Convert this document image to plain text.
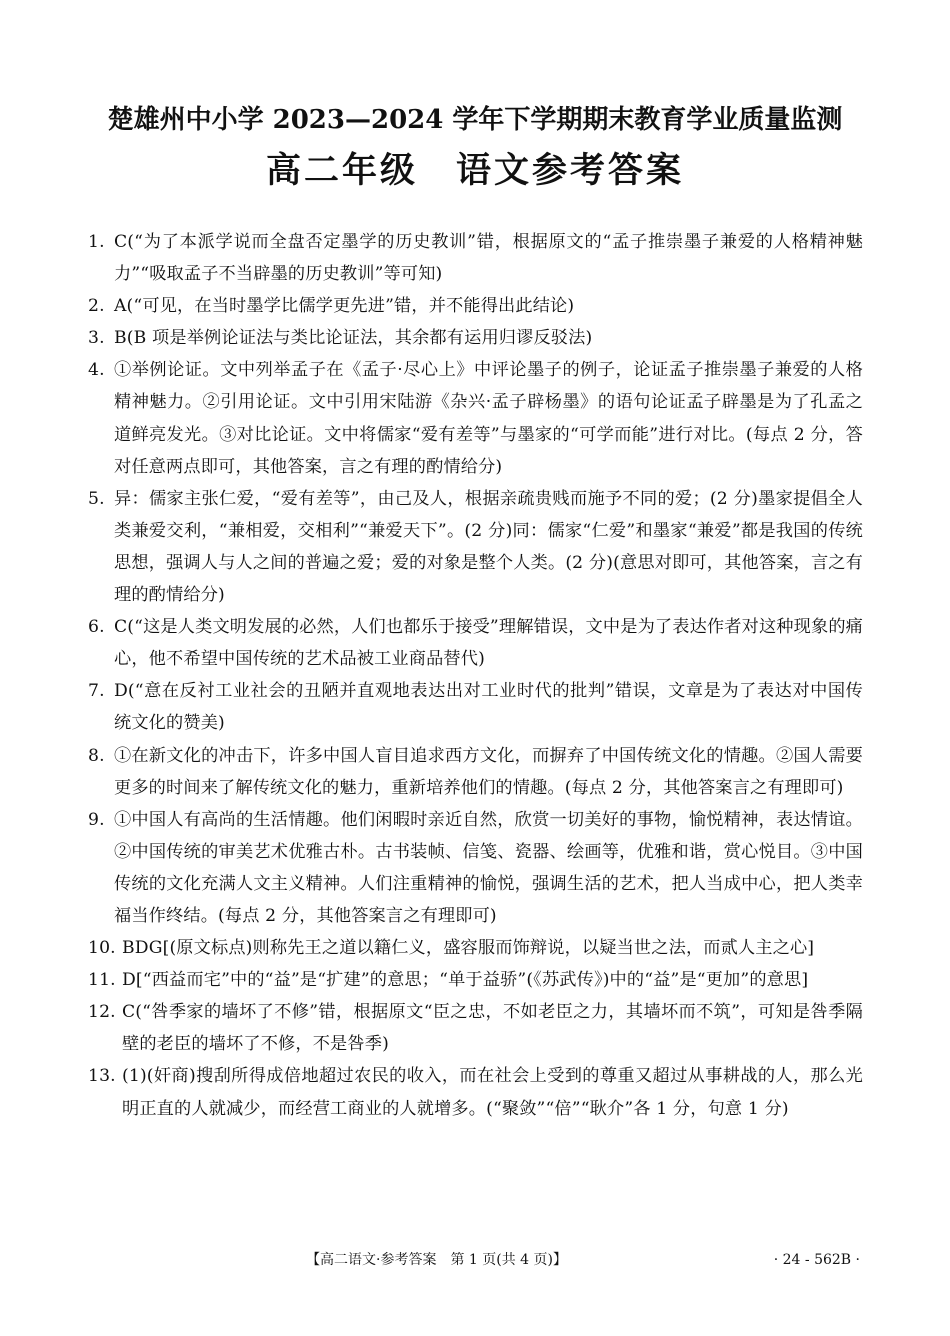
楚雄州中小学 2023—2024 学年下学期期末教育学业质量监测
高二年级 语文参考答案
1. C(“为了本派学说而全盘否定墨学的历史教训”错，根据原文的“孟子推崇墨子兼爱的人格精神魅力”“吸取孟子不当辟墨的历史教训”等可知)
2. A(“可见，在当时墨学比儒学更先进”错，并不能得出此结论)
3. B(B 项是举例论证法与类比论证法，其余都有运用归谬反驳法)
4. ①举例论证。文中列举孟子在《孟子·尽心上》中评论墨子的例子，论证孟子推崇墨子兼爱的人格精神魅力。②引用论证。文中引用宋陆游《杂兴·孟子辟杨墨》的语句论证孟子辟墨是为了孔孟之道鲜亮发光。③对比论证。文中将儒家“爱有差等”与墨家的“可学而能”进行对比。(每点 2 分，答对任意两点即可，其他答案，言之有理的酌情给分)
5. 异：儒家主张仁爱，“爱有差等”，由己及人，根据亲疏贵贱而施予不同的爱；(2 分)墨家提倡全人类兼爱交利，“兼相爱，交相利”“兼爱天下”。(2 分)同：儒家“仁爱”和墨家“兼爱”都是我国的传统思想，强调人与人之间的普遍之爱；爱的对象是整个人类。(2 分)(意思对即可，其他答案，言之有理的酌情给分)
6. C(“这是人类文明发展的必然，人们也都乐于接受”理解错误，文中是为了表达作者对这种现象的痛心，他不希望中国传统的艺术品被工业商品替代)
7. D(“意在反衬工业社会的丑陋并直观地表达出对工业时代的批判”错误，文章是为了表达对中国传统文化的赞美)
8. ①在新文化的冲击下，许多中国人盲目追求西方文化，而摒弃了中国传统文化的情趣。②国人需要更多的时间来了解传统文化的魅力，重新培养他们的情趣。(每点 2 分，其他答案言之有理即可)
9. ①中国人有高尚的生活情趣。他们闲暇时亲近自然，欣赏一切美好的事物，愉悦精神，表达情谊。②中国传统的审美艺术优雅古朴。古书装帧、信笺、瓷器、绘画等，优雅和谐，赏心悦目。③中国传统的文化充满人文主义精神。人们注重精神的愉悦，强调生活的艺术，把人当成中心，把人类幸福当作终结。(每点 2 分，其他答案言之有理即可)
10. BDG[(原文标点)则称先王之道以籍仁义，盛容服而饰辩说，以疑当世之法，而贰人主之心]
11. D[“西益而宅”中的“益”是“扩建”的意思；“单于益骄”(《苏武传》)中的“益”是“更加”的意思]
12. C(“咎季家的墙坏了不修”错，根据原文“臣之忠，不如老臣之力，其墙坏而不筑”，可知是咎季隔壁的老臣的墙坏了不修，不是咎季)
13. (1)(奸商)搜刮所得成倍地超过农民的收入，而在社会上受到的尊重又超过从事耕战的人，那么光明正直的人就减少，而经营工商业的人就增多。(“聚敛”“倍”“耿介”各 1 分，句意 1 分)
【高二语文·参考答案　第 1 页(共 4 页)】	· 24 - 562B ·
